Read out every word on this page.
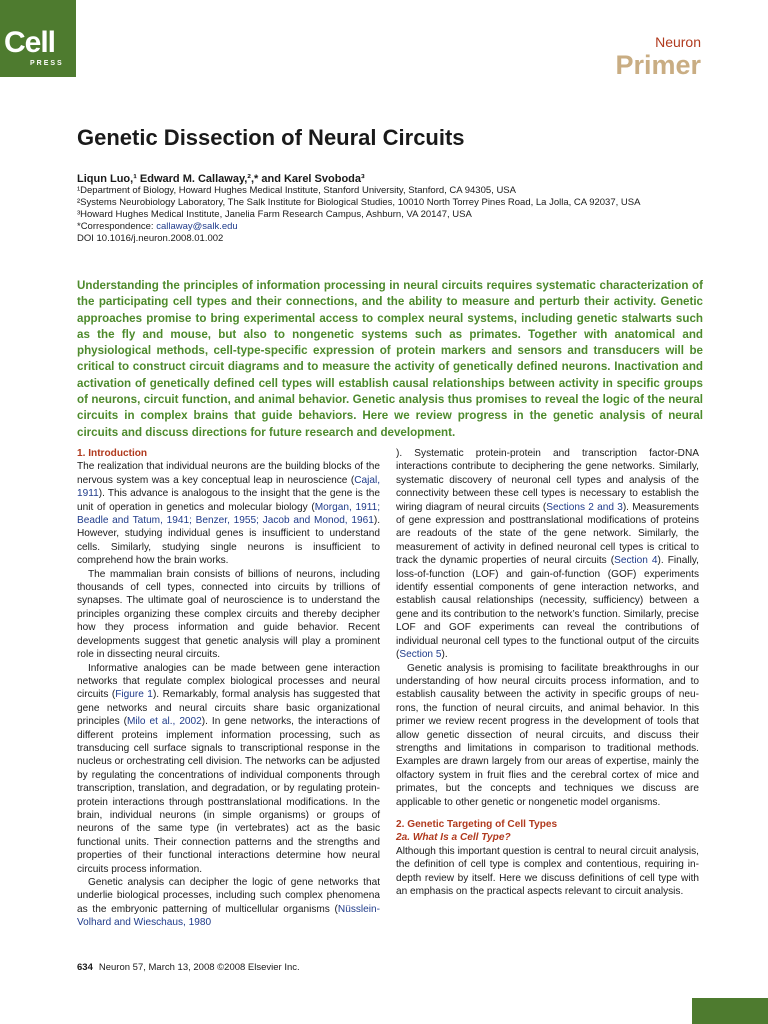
Cell
PRESS
Neuron
Primer
Genetic Dissection of Neural Circuits
Liqun Luo,¹ Edward M. Callaway,²,* and Karel Svoboda³
¹Department of Biology, Howard Hughes Medical Institute, Stanford University, Stanford, CA 94305, USA
²Systems Neurobiology Laboratory, The Salk Institute for Biological Studies, 10010 North Torrey Pines Road, La Jolla, CA 92037, USA
³Howard Hughes Medical Institute, Janelia Farm Research Campus, Ashburn, VA 20147, USA
*Correspondence: callaway@salk.edu
DOI 10.1016/j.neuron.2008.01.002

Understanding the principles of information processing in neural circuits requires systematic characterization of the participating cell types and their connections, and the ability to measure and perturb their activity. Genetic approaches promise to bring experimental access to complex neural systems, including genetic stalwarts such as the fly and mouse, but also to nongenetic systems such as primates. Together with anatomical and physiological methods, cell-type-specific expression of protein markers and sensors and transducers will be critical to construct circuit diagrams and to measure the activity of genetically defined neurons. Inactivation and activation of genetically defined cell types will establish causal relationships between activity in specific groups of neurons, circuit function, and animal behavior. Genetic analysis thus promises to reveal the logic of the neural circuits in complex brains that guide behaviors. Here we review progress in the genetic analysis of neural circuits and discuss directions for future research and development.

1. Introduction

The realization that individual neurons are the building blocks of the nervous system was a key conceptual leap in neuroscience (Cajal, 1911). This advance is analogous to the insight that the gene is the unit of operation in genetics and molecular biology (Morgan, 1911; Beadle and Tatum, 1941; Benzer, 1955; Jacob and Monod, 1961). However, studying individual genes is insufficient to understand cells. Similarly, studying single neurons is insufficient to comprehend how the brain works.

The mammalian brain consists of billions of neurons, including thousands of cell types, connected into circuits by trillions of synapses. The ultimate goal of neuroscience is to understand the principles organizing these complex circuits and thereby decipher how they process information and guide behavior. Recent developments suggest that genetic analysis will play a prominent role in dissecting neural circuits.

Informative analogies can be made between gene interaction networks that regulate complex biological processes and neural circuits (Figure 1). Remarkably, formal analysis has suggested that gene networks and neural circuits share basic organizational principles (Milo et al., 2002). In gene networks, the interactions of different proteins implement information processing, such as transducing cell surface signals to transcriptional response in the nucleus or orchestrating cell division. The networks can be adjusted by regulating the concentrations of individual components through transcription, translation, and degradation, or by regulating protein-protein interactions through posttranslational modifications. In the brain, individual neurons (in simple organisms) or groups of neurons of the same type (in vertebrates) act as the basic functional units. Their connection patterns and the strengths and properties of their functional interactions determine how neural circuits process information.

Genetic analysis can decipher the logic of gene networks that underlie biological processes, including such complex phenomena as the embryonic patterning of multicellular organisms (Nüsslein-Volhard and Wieschaus, 1980

). Systematic protein-protein and transcription factor-DNA interactions contribute to deciphering the gene networks. Similarly, systematic discovery of neuronal cell types and analysis of the connectivity between these cell types is necessary to establish the wiring diagram of neural circuits (Sections 2 and 3). Measurements of gene expression and posttranslational modifications of proteins are readouts of the state of the gene network. Similarly, the measurement of activity in defined neuronal cell types is critical to track the dynamic properties of neural circuits (Section 4). Finally, loss-of-function (LOF) and gain-of-function (GOF) experiments identify essential components of gene interaction networks, and establish causal relationships (necessity, sufficiency) between a gene and its contribution to the network’s function. Similarly, precise LOF and GOF experiments can reveal the contributions of individual neuronal cell types to the functional output of the circuits (Section 5).

Genetic analysis is promising to facilitate breakthroughs in our understanding of how neural circuits process information, and to establish causality between the activity in specific groups of neurons, the function of neural circuits, and animal behavior. In this primer we review recent progress in the development of tools that allow genetic dissection of neural circuits, and discuss their strengths and limitations in comparison to traditional methods. Examples are drawn largely from our areas of expertise, mainly the olfactory system in fruit flies and the cerebral cortex of mice and primates, but the concepts and techniques we discuss are applicable to other genetic or nongenetic model organisms.

2. Genetic Targeting of Cell Types
2a. What Is a Cell Type?

Although this important question is central to neural circuit analysis, the definition of cell type is complex and contentious, requiring in-depth review by itself. Here we discuss definitions of cell type with an emphasis on the practical aspects relevant to circuit analysis.

634 Neuron 57, March 13, 2008 ©2008 Elsevier Inc.
